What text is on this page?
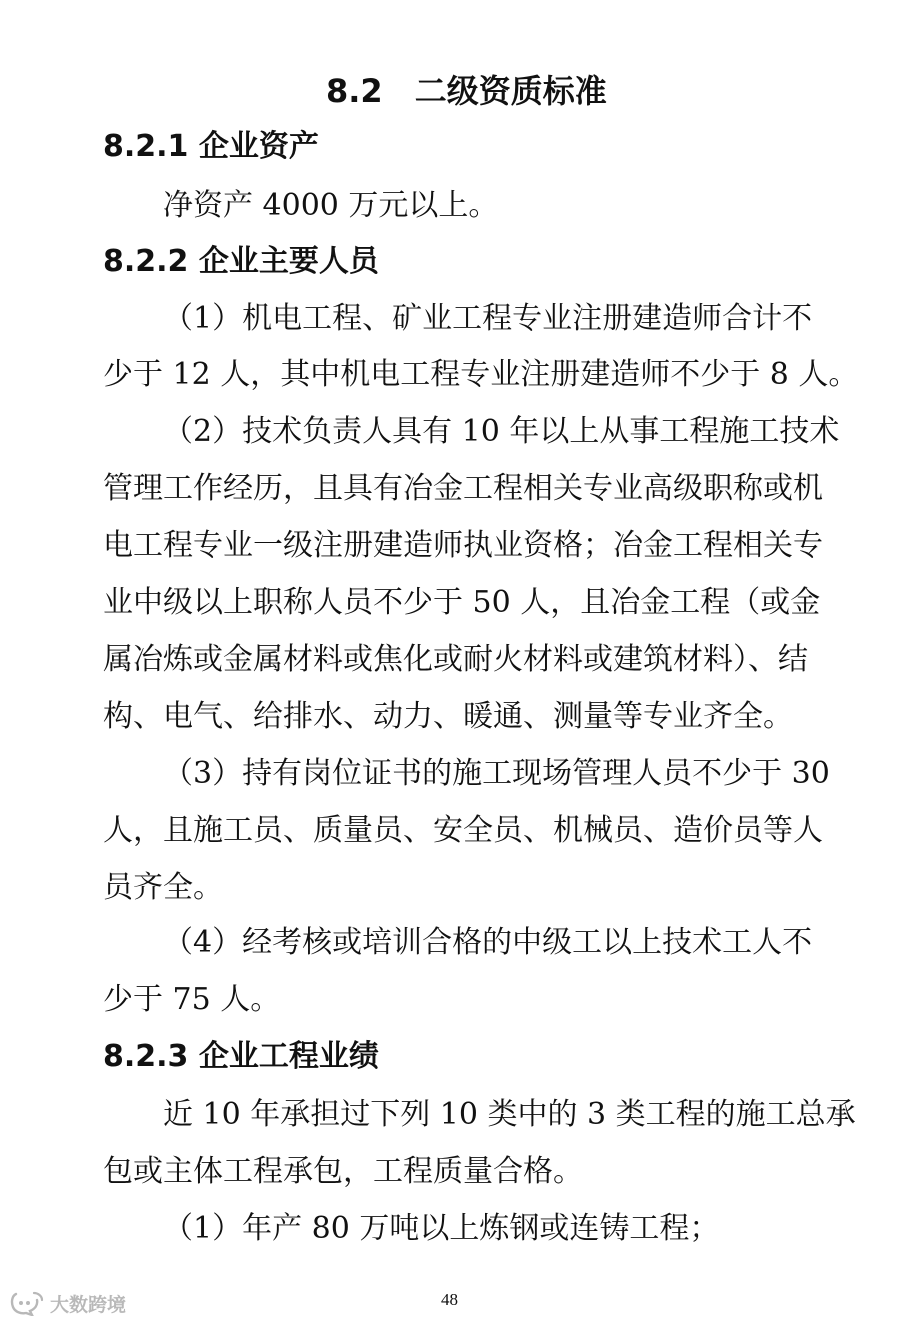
8.2　二级资质标准
8.2.1 企业资产
净资产 4000 万元以上。
8.2.2 企业主要人员
（1）机电工程、矿业工程专业注册建造师合计不
少于 12 人，其中机电工程专业注册建造师不少于 8 人。
（2）技术负责人具有 10 年以上从事工程施工技术
管理工作经历，且具有冶金工程相关专业高级职称或机
电工程专业一级注册建造师执业资格；冶金工程相关专
业中级以上职称人员不少于 50 人，且冶金工程（或金
属冶炼或金属材料或焦化或耐火材料或建筑材料）、结
构、电气、给排水、动力、暖通、测量等专业齐全。
（3）持有岗位证书的施工现场管理人员不少于 30
人，且施工员、质量员、安全员、机械员、造价员等人
员齐全。
（4）经考核或培训合格的中级工以上技术工人不
少于 75 人。
8.2.3 企业工程业绩
近 10 年承担过下列 10 类中的 3 类工程的施工总承
包或主体工程承包，工程质量合格。
（1）年产 80 万吨以上炼钢或连铸工程；
48
大数跨境
